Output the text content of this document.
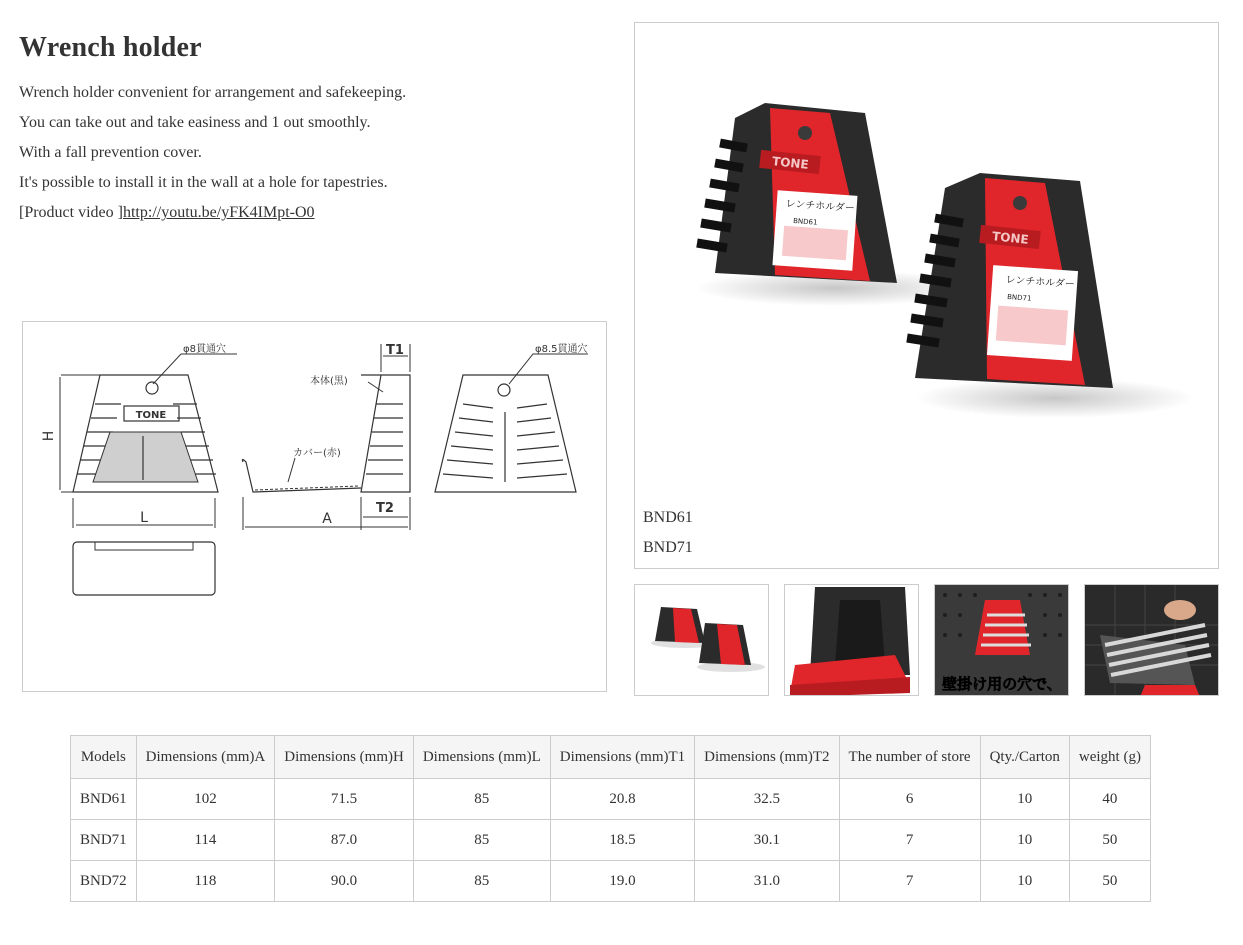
Wrench holder

Wrench holder convenient for arrangement and safekeeping.

You can take out and take easiness and 1 out smoothly.

With a fall prevention cover.

It's possible to install it in the wall at a hole for tapestries.

[Product video ]http://youtu.be/yFK4IMpt-O0

TONE
H
L
φ8貫通穴	T1
T2
A
本体(黒)
カバー(赤)
φ8.5貫通穴
TONE
レンチホルダー
BND61
TONE
レンチホルダー
BND71
BND61
BND71
壁掛け用の穴で、
Models	Dimensions (mm)A	Dimensions (mm)H	Dimensions (mm)L	Dimensions (mm)T1	Dimensions (mm)T2	The number of store	Qty./Carton	weight (g)
BND61	102	71.5	85	20.8	32.5	6	10	40
BND71	114	87.0	85	18.5	30.1	7	10	50
BND72	118	90.0	85	19.0	31.0	7	10	50
